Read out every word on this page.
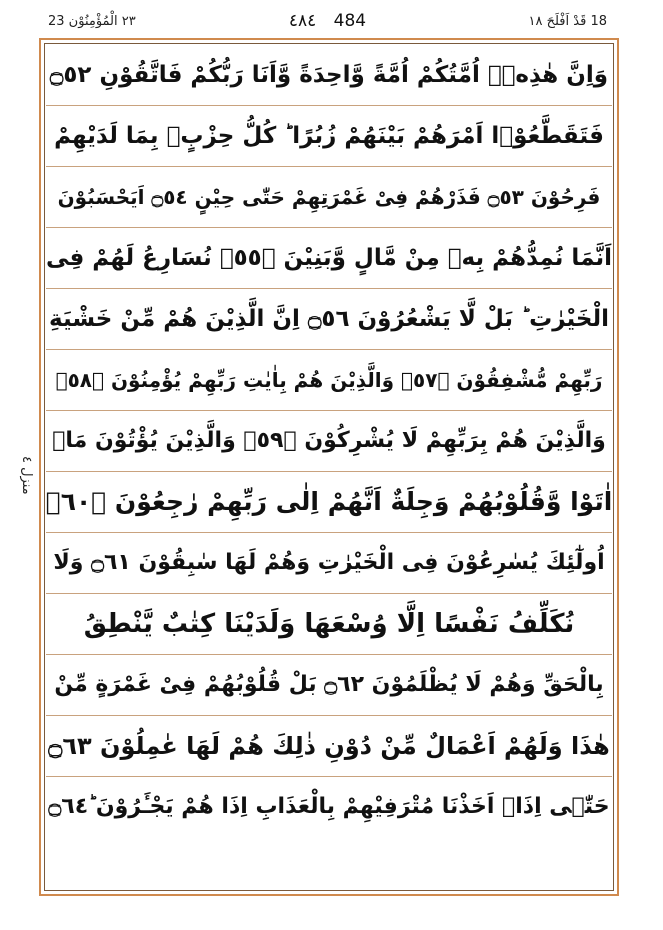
٢٣ الْمُؤْمِنُوْن 23	٤٨٤ 484	18 قَدْ اَفْلَحَ ١٨
منزل ٤
وَاِنَّ هٰذِهٖۤ اُمَّتُكُمْ اُمَّةً وَّاحِدَةً وَّاَنَا رَبُّكُمْ فَاتَّقُوْنِ ۝٥٢
فَتَقَطَّعُوْۤا اَمْرَهُمْ بَيْنَهُمْ زُبُرًا ؕ كُلُّ حِزْبٍۭ بِمَا لَدَيْهِمْ
فَرِحُوْنَ ۝٥٣ فَذَرْهُمْ فِیْ غَمْرَتِهِمْ حَتّٰى حِيْنٍ ۝٥٤ اَيَحْسَبُوْنَ
اَنَّمَا نُمِدُّهُمْ بِهٖ مِنْ مَّالٍ وَّبَنِيْنَ ۝٥٥ۙ نُسَارِعُ لَهُمْ فِی
الْخَيْرٰتِ ؕ بَلْ لَّا يَشْعُرُوْنَ ۝٥٦ اِنَّ الَّذِيْنَ هُمْ مِّنْ خَشْيَةِ
رَبِّهِمْ مُّشْفِقُوْنَ ۝٥٧ۙ وَالَّذِيْنَ هُمْ بِاٰيٰتِ رَبِّهِمْ يُؤْمِنُوْنَ ۝٥٨ۙ
وَالَّذِيْنَ هُمْ بِرَبِّهِمْ لَا يُشْرِكُوْنَ ۝٥٩ۙ وَالَّذِيْنَ يُؤْتُوْنَ مَاۤ
اٰتَوْا وَّقُلُوْبُهُمْ وَجِلَةٌ اَنَّهُمْ اِلٰى رَبِّهِمْ رٰجِعُوْنَ ۝٦٠ۙ
اُولٰٓئِكَ يُسٰرِعُوْنَ فِی الْخَيْرٰتِ وَهُمْ لَهَا سٰبِقُوْنَ ۝٦١ وَلَا
نُكَلِّفُ نَفْسًا اِلَّا وُسْعَهَا وَلَدَيْنَا كِتٰبٌ يَّنْطِقُ
بِالْحَقِّ وَهُمْ لَا يُظْلَمُوْنَ ۝٦٢ بَلْ قُلُوْبُهُمْ فِیْ غَمْرَةٍ مِّنْ
هٰذَا وَلَهُمْ اَعْمَالٌ مِّنْ دُوْنِ ذٰلِكَ هُمْ لَهَا عٰمِلُوْنَ ۝٦٣
حَتّٰۤى اِذَاۤ اَخَذْنَا مُتْرَفِيْهِمْ بِالْعَذَابِ اِذَا هُمْ يَجْـَٔرُوْنَ ۝٦٤ؕ
